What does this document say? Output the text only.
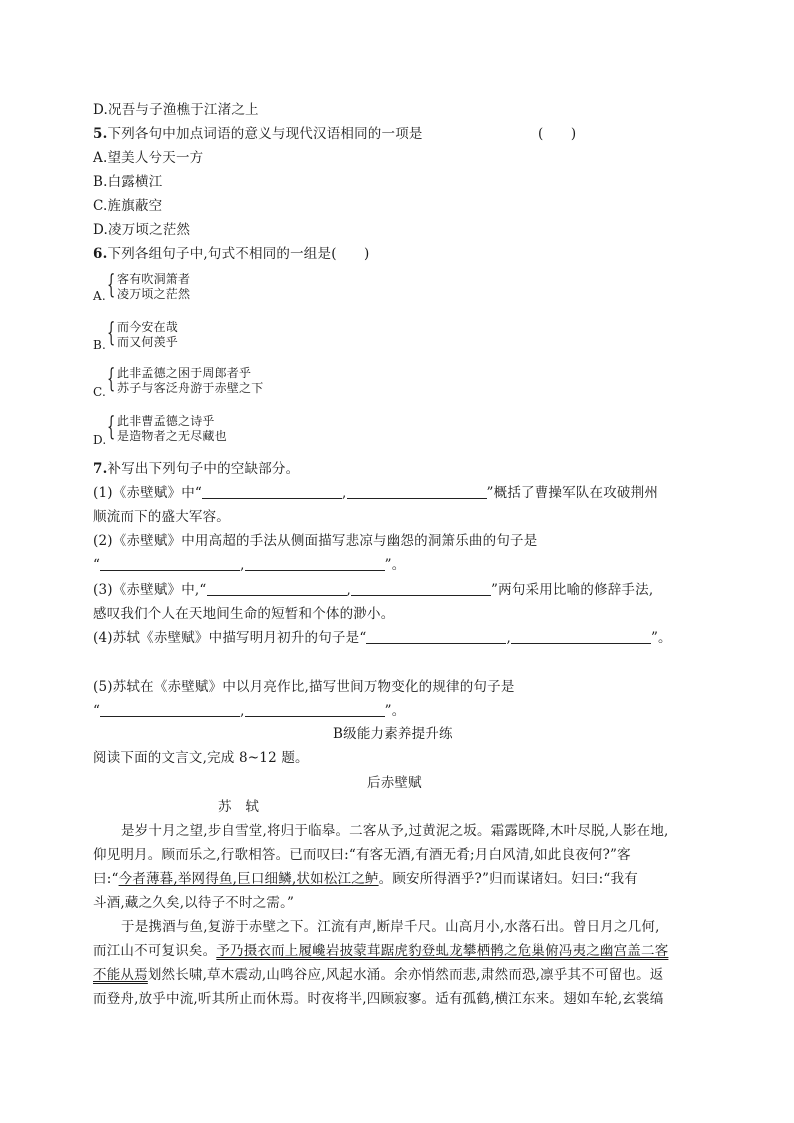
D.况吾与子渔樵于江渚之上
5.下列各句中加点词语的意义与现代汉语相同的一项是	(　　)
A.望美人兮天一方
B.白露横江
C.旌旗蔽空
D.凌万顷之茫然
6.下列各组句子中,句式不相同的一组是(　　)
A. { 客有吹洞箫者
凌万顷之茫然
B. { 而今安在哉
而又何羡乎
C. { 此非孟德之困于周郎者乎
苏子与客泛舟游于赤壁之下
D. { 此非曹孟德之诗乎
是造物者之无尽藏也
7.补写出下列句子中的空缺部分。
(1)《赤壁赋》中“	,	”概括了曹操军队在攻破荆州
顺流而下的盛大军容。
(2)《赤壁赋》中用高超的手法从侧面描写悲凉与幽怨的洞箫乐曲的句子是
“	,	”。
(3)《赤壁赋》中,“	,	”两句采用比喻的修辞手法,
感叹我们个人在天地间生命的短暂和个体的渺小。
(4)苏轼《赤壁赋》中描写明月初升的句子是“	,	”。
(5)苏轼在《赤壁赋》中以月亮作比,描写世间万物变化的规律的句子是
“	,	”。
B级能力素养提升练
阅读下面的文言文,完成 8~12 题。
后赤壁赋
苏　轼
是岁十月之望,步自雪堂,将归于临皋。二客从予,过黄泥之坂。霜露既降,木叶尽脱,人影在地,
仰见明月。顾而乐之,行歌相答。已而叹曰:“有客无酒,有酒无肴;月白风清,如此良夜何?”客
曰:“今者薄暮,举网得鱼,巨口细鳞,状如松江之鲈。顾安所得酒乎?”归而谋诸妇。妇曰:“我有
斗酒,藏之久矣,以待子不时之需。”
于是携酒与鱼,复游于赤壁之下。江流有声,断岸千尺。山高月小,水落石出。曾日月之几何,
而江山不可复识矣。予乃摄衣而上履巉岩披蒙茸踞虎豹登虬龙攀栖鹘之危巢俯冯夷之幽宫盖二客
不能从焉划然长啸,草木震动,山鸣谷应,风起水涌。余亦悄然而悲,肃然而恐,凛乎其不可留也。返
而登舟,放乎中流,听其所止而休焉。时夜将半,四顾寂寥。适有孤鹤,横江东来。翅如车轮,玄裳缟
